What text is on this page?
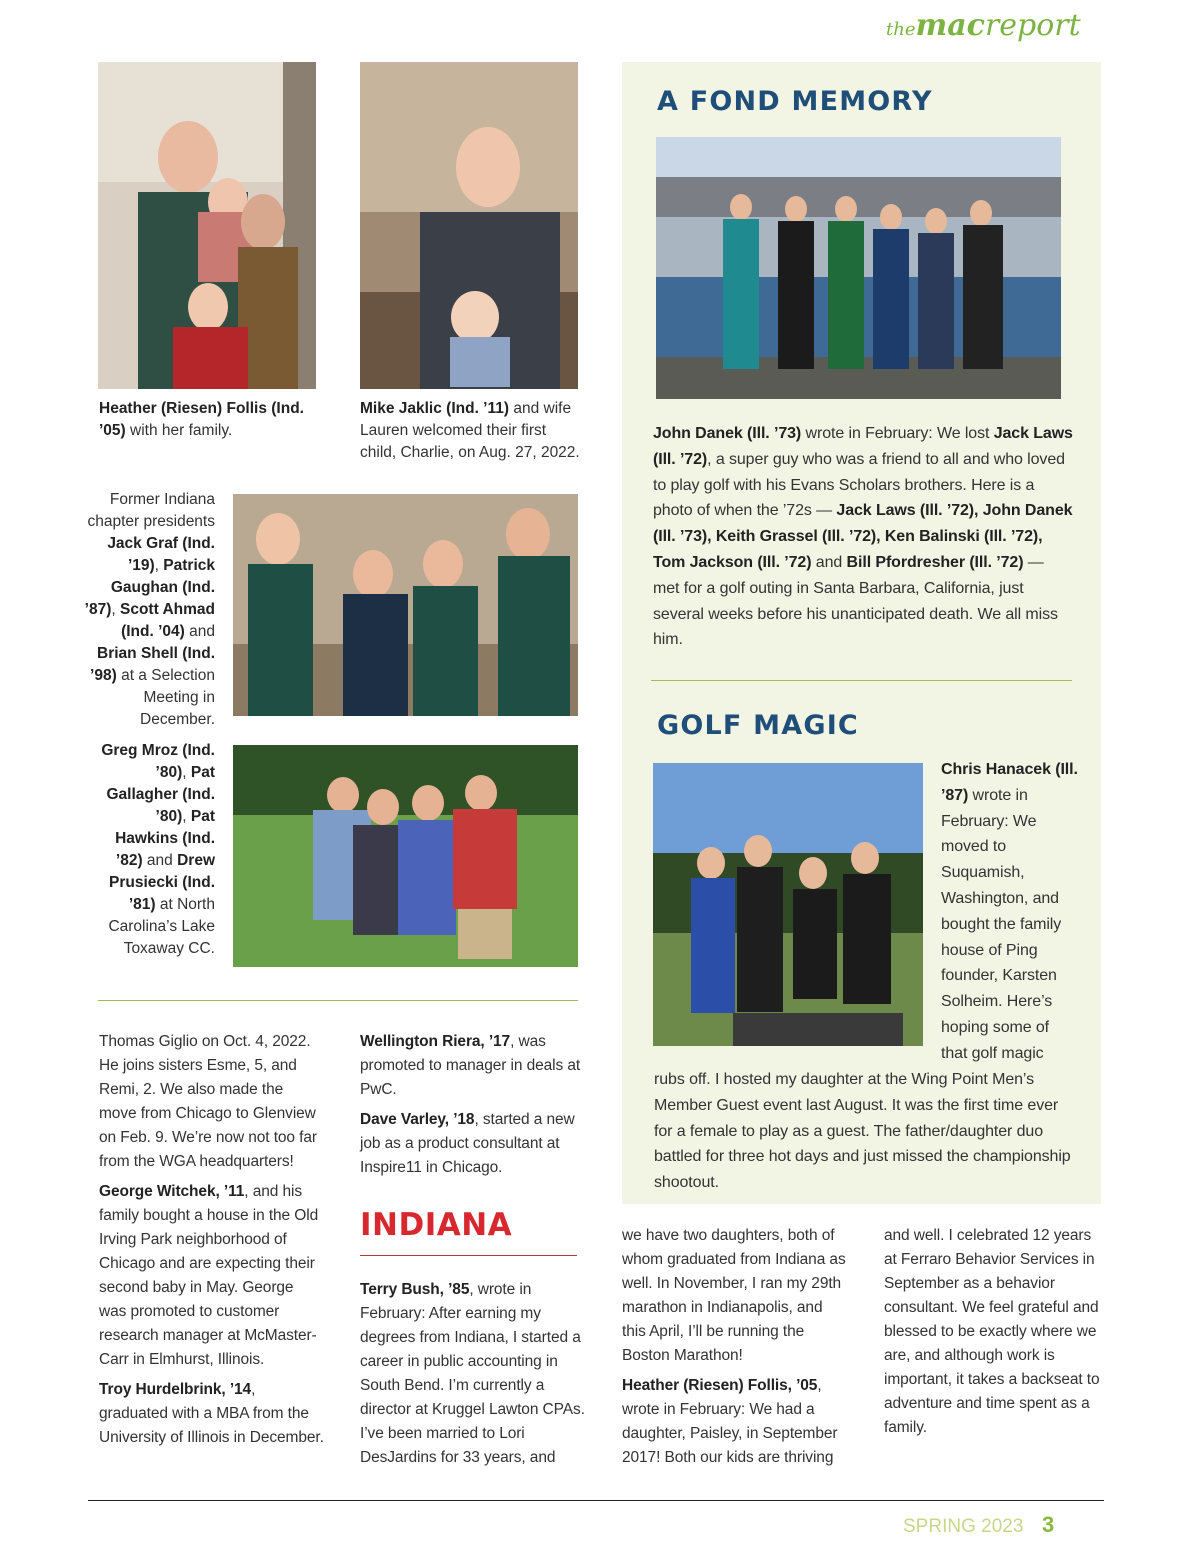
themacreport
Heather (Riesen) Follis (Ind. ’05) with her family.
Mike Jaklic (Ind. ’11) and wife Lauren welcomed their first child, Charlie, on Aug. 27, 2022.
Former Indiana chapter presidents Jack Graf (Ind. ’19), Patrick Gaughan (Ind. ’87), Scott Ahmad (Ind. ’04) and Brian Shell (Ind. ’98) at a Selection Meeting in December.
Greg Mroz (Ind. ’80), Pat Gallagher (Ind. ’80), Pat Hawkins (Ind. ’82) and Drew Prusiecki (Ind. ’81) at North Carolina’s Lake Toxaway CC.
A FOND MEMORY
John Danek (Ill. ’73) wrote in February: We lost Jack Laws (Ill. ’72), a super guy who was a friend to all and who loved to play golf with his Evans Scholars brothers. Here is a photo of when the ’72s — Jack Laws (Ill. ’72), John Danek (Ill. ’73), Keith Grassel (Ill. ’72), Ken Balinski (Ill. ’72), Tom Jackson (Ill. ’72) and Bill Pfordresher (Ill. ’72) — met for a golf outing in Santa Barbara, California, just several weeks before his unanticipated death. We all miss him.
GOLF MAGIC
Chris Hanacek (Ill. ’87) wrote in February: We moved to Suquamish, Washington, and bought the family house of Ping founder, Karsten Solheim. Here’s hoping some of that golf magic
rubs off. I hosted my daughter at the Wing Point Men’s Member Guest event last August. It was the first time ever for a female to play as a guest. The father/daughter duo battled for three hot days and just missed the championship shootout.

Thomas Giglio on Oct. 4, 2022. He joins sisters Esme, 5, and Remi, 2. We also made the move from Chicago to Glenview on Feb. 9. We’re now not too far from the WGA headquarters!

George Witchek, ’11, and his family bought a house in the Old Irving Park neighborhood of Chicago and are expecting their second baby in May. George was promoted to customer research manager at McMaster-Carr in Elmhurst, Illinois.

Troy Hurdelbrink, ’14, graduated with a MBA from the University of Illinois in December.

Wellington Riera, ’17, was promoted to manager in deals at PwC.

Dave Varley, ’18, started a new job as a product consultant at Inspire11 in Chicago.

INDIANA

Terry Bush, ’85, wrote in February: After earning my degrees from Indiana, I started a career in public accounting in South Bend. I’m currently a director at Kruggel Lawton CPAs. I’ve been married to Lori DesJardins for 33 years, and

we have two daughters, both of whom graduated from Indiana as well. In November, I ran my 29th marathon in Indianapolis, and this April, I’ll be running the Boston Marathon!

Heather (Riesen) Follis, ’05, wrote in February: We had a daughter, Paisley, in September 2017! Both our kids are thriving

and well. I celebrated 12 years at Ferraro Behavior Services in September as a behavior consultant. We feel grateful and blessed to be exactly where we are, and although work is important, it takes a backseat to adventure and time spent as a family.

SPRING 2023 3
